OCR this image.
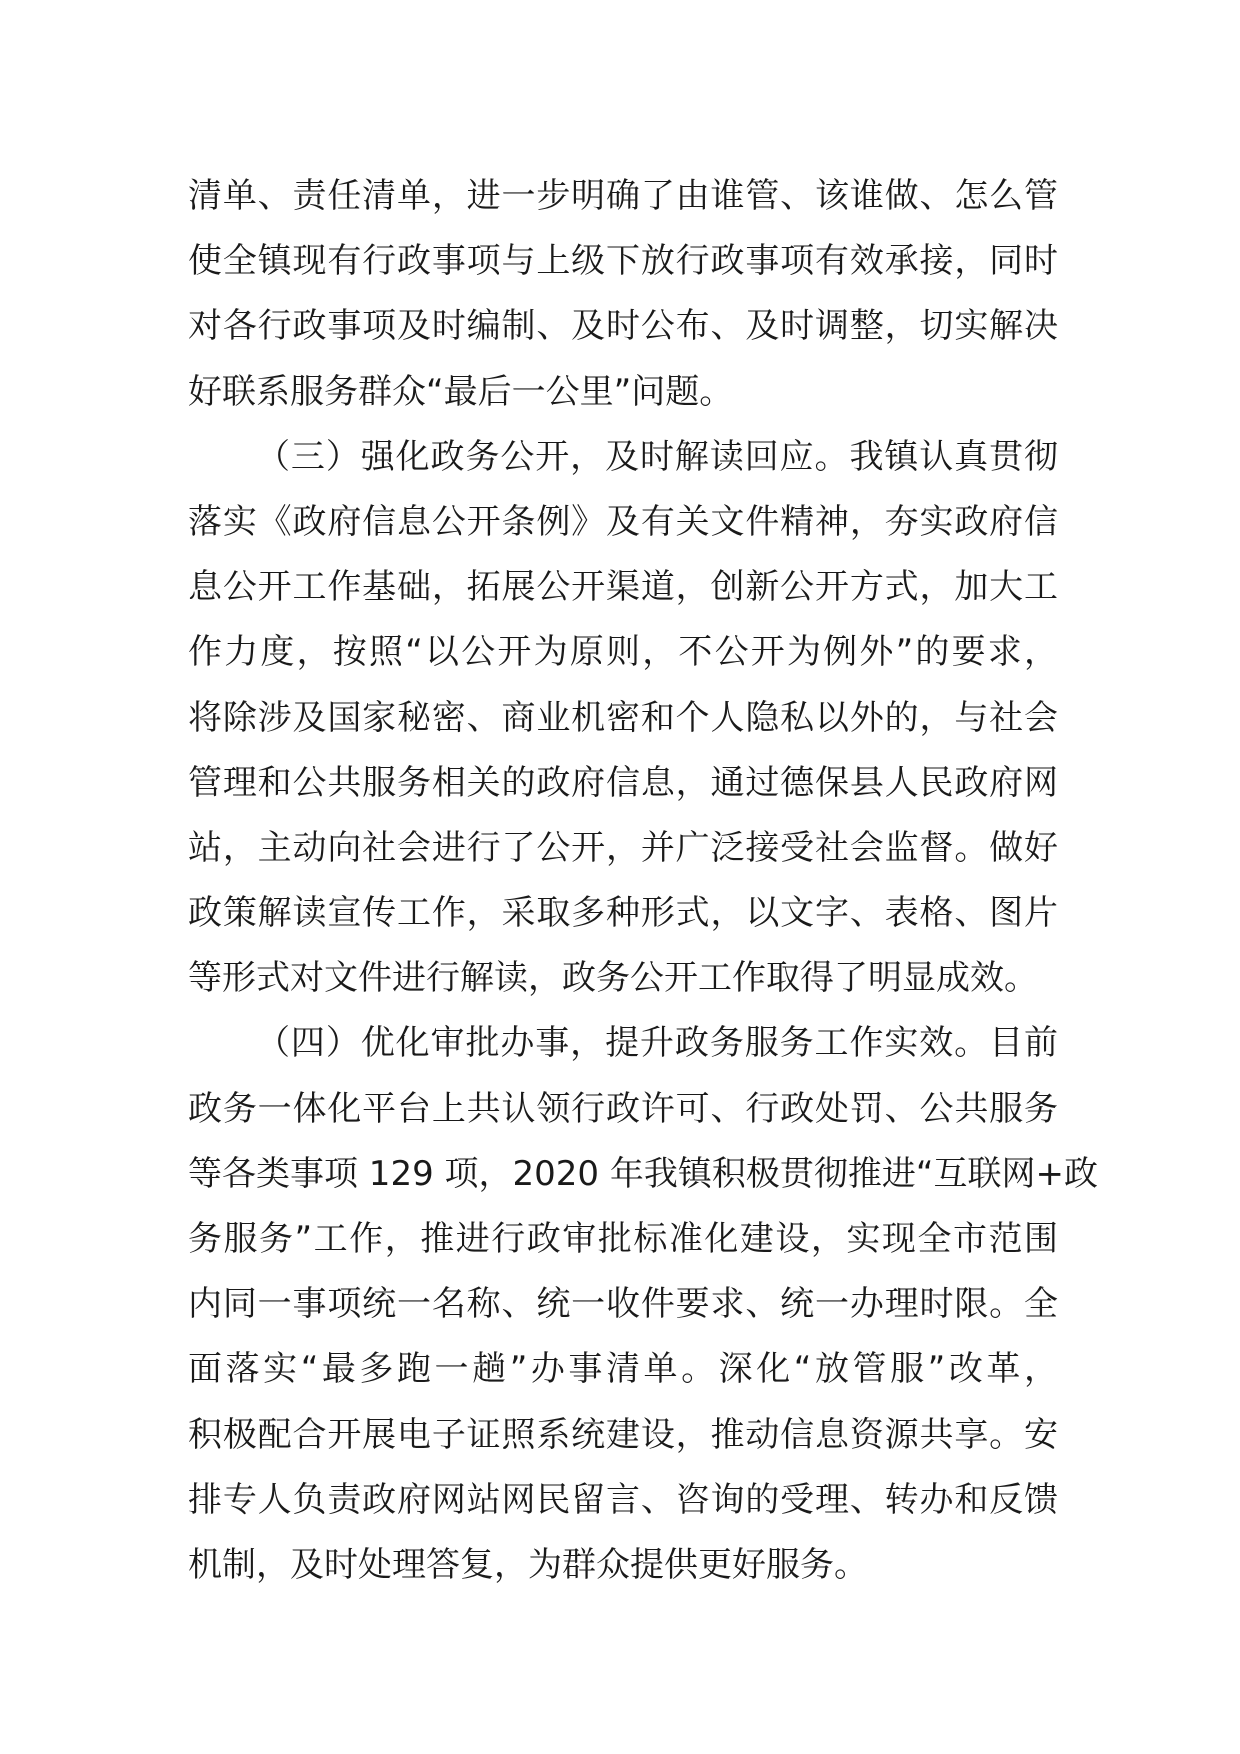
清单、责任清单，进一步明确了由谁管、该谁做、怎么管
使全镇现有行政事项与上级下放行政事项有效承接，同时
对各行政事项及时编制、及时公布、及时调整，切实解决
好联系服务群众“最后一公里”问题。
（三）强化政务公开，及时解读回应。我镇认真贯彻
落实《政府信息公开条例》及有关文件精神，夯实政府信
息公开工作基础，拓展公开渠道，创新公开方式，加大工
作力度，按照“以公开为原则，不公开为例外”的要求，
将除涉及国家秘密、商业机密和个人隐私以外的，与社会
管理和公共服务相关的政府信息，通过德保县人民政府网
站，主动向社会进行了公开，并广泛接受社会监督。做好
政策解读宣传工作，采取多种形式，以文字、表格、图片
等形式对文件进行解读，政务公开工作取得了明显成效。
（四）优化审批办事，提升政务服务工作实效。目前
政务一体化平台上共认领行政许可、行政处罚、公共服务
等各类事项 129 项，2020 年我镇积极贯彻推进“互联网+政
务服务”工作，推进行政审批标准化建设，实现全市范围
内同一事项统一名称、统一收件要求、统一办理时限。全
面落实“最多跑一趟”办事清单。深化“放管服”改革，
积极配合开展电子证照系统建设，推动信息资源共享。安
排专人负责政府网站网民留言、咨询的受理、转办和反馈
机制，及时处理答复，为群众提供更好服务。
